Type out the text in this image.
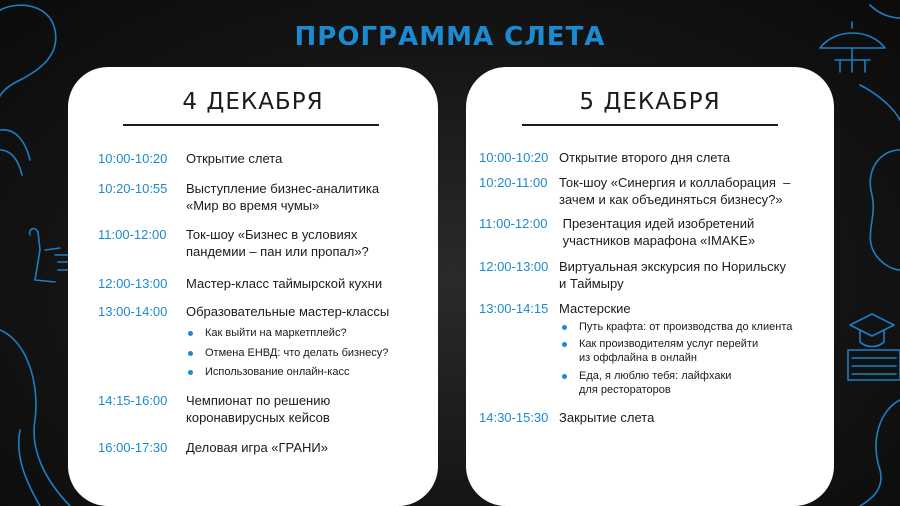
ПРОГРАММА СЛЕТА
4 ДЕКАБРЯ
10:00-10:20 Открытие слета
10:20-10:55 Выступление бизнес-аналитика
«Мир во время чумы»
11:00-12:00 Ток-шоу «Бизнес в условиях
пандемии – пан или пропал»?
12:00-13:00 Мастер-класс таймырской кухни
13:00-14:00 Образовательные мастер-классы
Как выйти на маркетплейс?
Отмена ЕНВД: что делать бизнесу?
Использование онлайн-касс
14:15-16:00 Чемпионат по решению
коронавирусных кейсов
16:00-17:30 Деловая игра «ГРАНИ»
5 ДЕКАБРЯ
10:00-10:20 Открытие второго дня слета
10:20-11:00 Ток-шоу «Синергия и коллаборация  –
зачем и как объединяться бизнесу?»
11:00-12:00 Презентация идей изобретений
участников марафона «IMAKE»
12:00-13:00 Виртуальная экскурсия по Норильску
и Таймыру
13:00-14:15 Мастерские
Путь крафта: от производства до клиента
Как производителям услуг перейти
из оффлайна в онлайн
Еда, я люблю тебя: лайфхаки
для рестораторов
14:30-15:30 Закрытие слета
